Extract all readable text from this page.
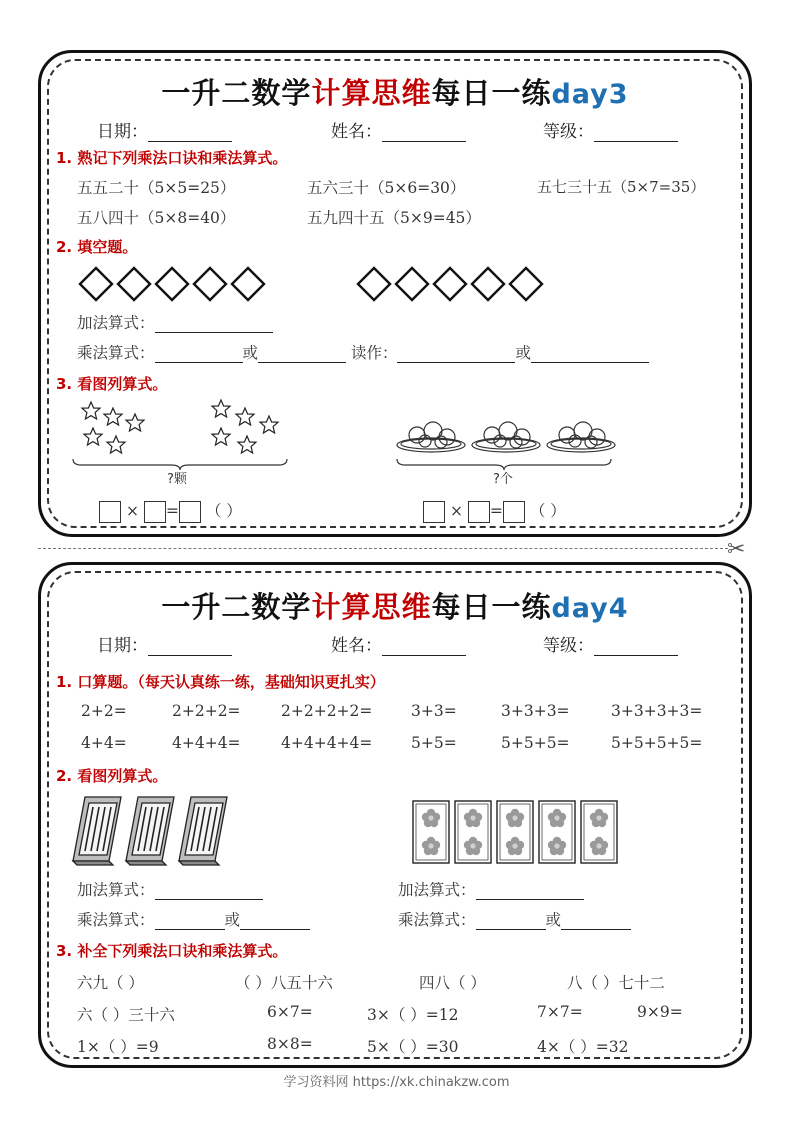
一升二数学计算思维每日一练day3
日期：	姓名：	等级：
1. 熟记下列乘法口诀和乘法算式。
五五二十（5×5=25）	五六三十（5×6=30）	五七三十五（5×7=35）
五八四十（5×8=40）	五九四十五（5×9=45）
2. 填空题。
加法算式：
乘法算式：	或	读作：	或
3. 看图列算式。
?颗	?个
× = （ ）	× = （ ）
✂
一升二数学计算思维每日一练day4
日期：	姓名：	等级：
1. 口算题。（每天认真练一练，基础知识更扎实）
2+2=	2+2+2=	2+2+2+2= 3+3=	3+3+3=	3+3+3+3=
4+4=	4+4+4=	4+4+4+4= 5+5=	5+5+5=	5+5+5+5=
2. 看图列算式。
加法算式：	加法算式：
乘法算式：	或	乘法算式：	或
3. 补全下列乘法口诀和乘法算式。
六九（ ）	（ ）八五十六	四八（ ）	八（ ）七十二
六（ ）三十六	6×7=	3×（ ）=12	7×7=	9×9=
1×（ ）=9	8×8=	5×（ ）=30	4×（ ）=32
学习资料网 https://xk.chinakzw.com
